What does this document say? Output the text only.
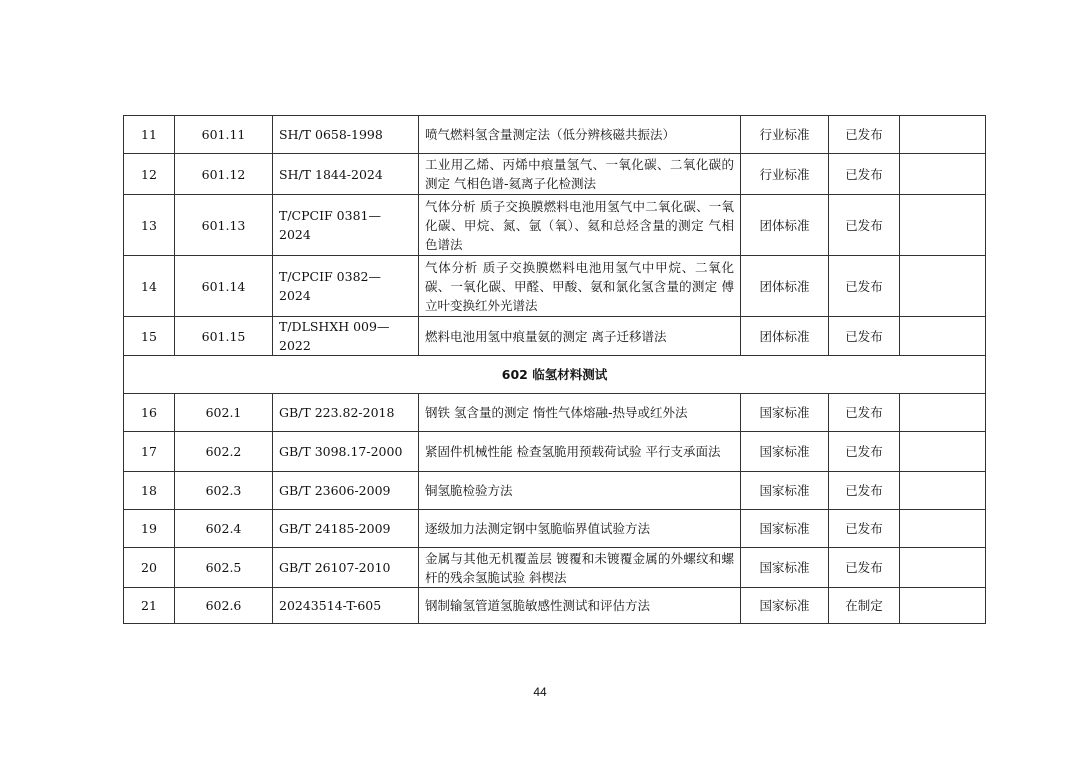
11	601.11	SH/T 0658-1998	喷气燃料氢含量测定法（低分辨核磁共振法）	行业标准	已发布	
12	601.12	SH/T 1844-2024	工业用乙烯、丙烯中痕量氢气、一氧化碳、二氧化碳的测定 气相色谱-氦离子化检测法	行业标准	已发布	
13	601.13	T/CPCIF 0381—2024	气体分析 质子交换膜燃料电池用氢气中二氧化碳、一氧化碳、甲烷、氮、氩（氧）、氦和总烃含量的测定 气相色谱法	团体标准	已发布	
14	601.14	T/CPCIF 0382—2024	气体分析 质子交换膜燃料电池用氢气中甲烷、二氧化碳、一氧化碳、甲醛、甲酸、氨和氯化氢含量的测定 傅立叶变换红外光谱法	团体标准	已发布	
15	601.15	T/DLSHXH 009—2022	燃料电池用氢中痕量氨的测定 离子迁移谱法	团体标准	已发布	
602 临氢材料测试						
16	602.1	GB/T 223.82-2018	钢铁 氢含量的测定 惰性气体熔融-热导或红外法	国家标准	已发布	
17	602.2	GB/T 3098.17-2000	紧固件机械性能 检查氢脆用预载荷试验 平行支承面法	国家标准	已发布	
18	602.3	GB/T 23606-2009	铜氢脆检验方法	国家标准	已发布	
19	602.4	GB/T 24185-2009	逐级加力法测定钢中氢脆临界值试验方法	国家标准	已发布	
20	602.5	GB/T 26107-2010	金属与其他无机覆盖层 镀覆和未镀覆金属的外螺纹和螺杆的残余氢脆试验 斜楔法	国家标准	已发布	
21	602.6	20243514-T-605	钢制输氢管道氢脆敏感性测试和评估方法	国家标准	在制定	
44
